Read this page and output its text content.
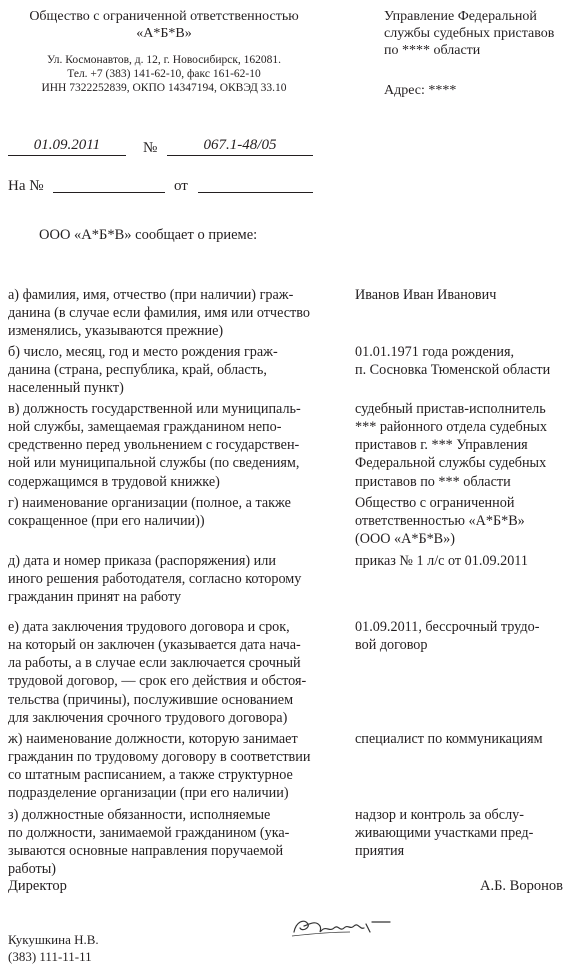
Общество с ограниченной ответственностью
«А*Б*В»
Ул. Космонавтов, д. 12, г. Новосибирск, 162081.
Тел. +7 (383) 141-62-10, факс 161-62-10
ИНН 7322252839, ОКПО 14347194, ОКВЭД 33.10
Управление Федеральной
службы судебных приставов
по **** области
Адрес: ****
01.09.2011	№	067.1-48/05
На №	от
ООО «А*Б*В» сообщает о приеме:

а) фамилия, имя, отчество (при наличии) граж-
данина (в случае если фамилия, имя или отчество
изменялись, указываются прежние)

Иванов Иван Иванович

б) число, месяц, год и место рождения граж-
данина (страна, республика, край, область,
населенный пункт)

01.01.1971 года рождения,
п. Сосновка Тюменской области

в) должность государственной или муниципаль-
ной службы, замещаемая гражданином непо-
средственно перед увольнением с государствен-
ной или муниципальной службы (по сведениям,
содержащимся в трудовой книжке)

судебный пристав-исполнитель
*** районного отдела судебных
приставов г. *** Управления
Федеральной службы судебных
приставов по *** области

г) наименование организации (полное, а также
сокращенное (при его наличии))

Общество с ограниченной
ответственностью «А*Б*В»
(ООО «А*Б*В»)

д) дата и номер приказа (распоряжения) или
иного решения работодателя, согласно которому
гражданин принят на работу

приказ № 1 л/с от 01.09.2011

е) дата заключения трудового договора и срок,
на который он заключен (указывается дата нача-
ла работы, а в случае если заключается срочный
трудовой договор, — срок его действия и обстоя-
тельства (причины), послужившие основанием
для заключения срочного трудового договора)

01.09.2011, бессрочный трудо-
вой договор

ж) наименование должности, которую занимает
гражданин по трудовому договору в соответствии
со штатным расписанием, а также структурное
подразделение организации (при его наличии)

специалист по коммуникациям

з) должностные обязанности, исполняемые
по должности, занимаемой гражданином (ука-
зываются основные направления поручаемой
работы)

надзор и контроль за обслу-
живающими участками пред-
приятия

Директор	А.Б. Воронов
Кукушкина Н.В.
(383) 111-11-11
